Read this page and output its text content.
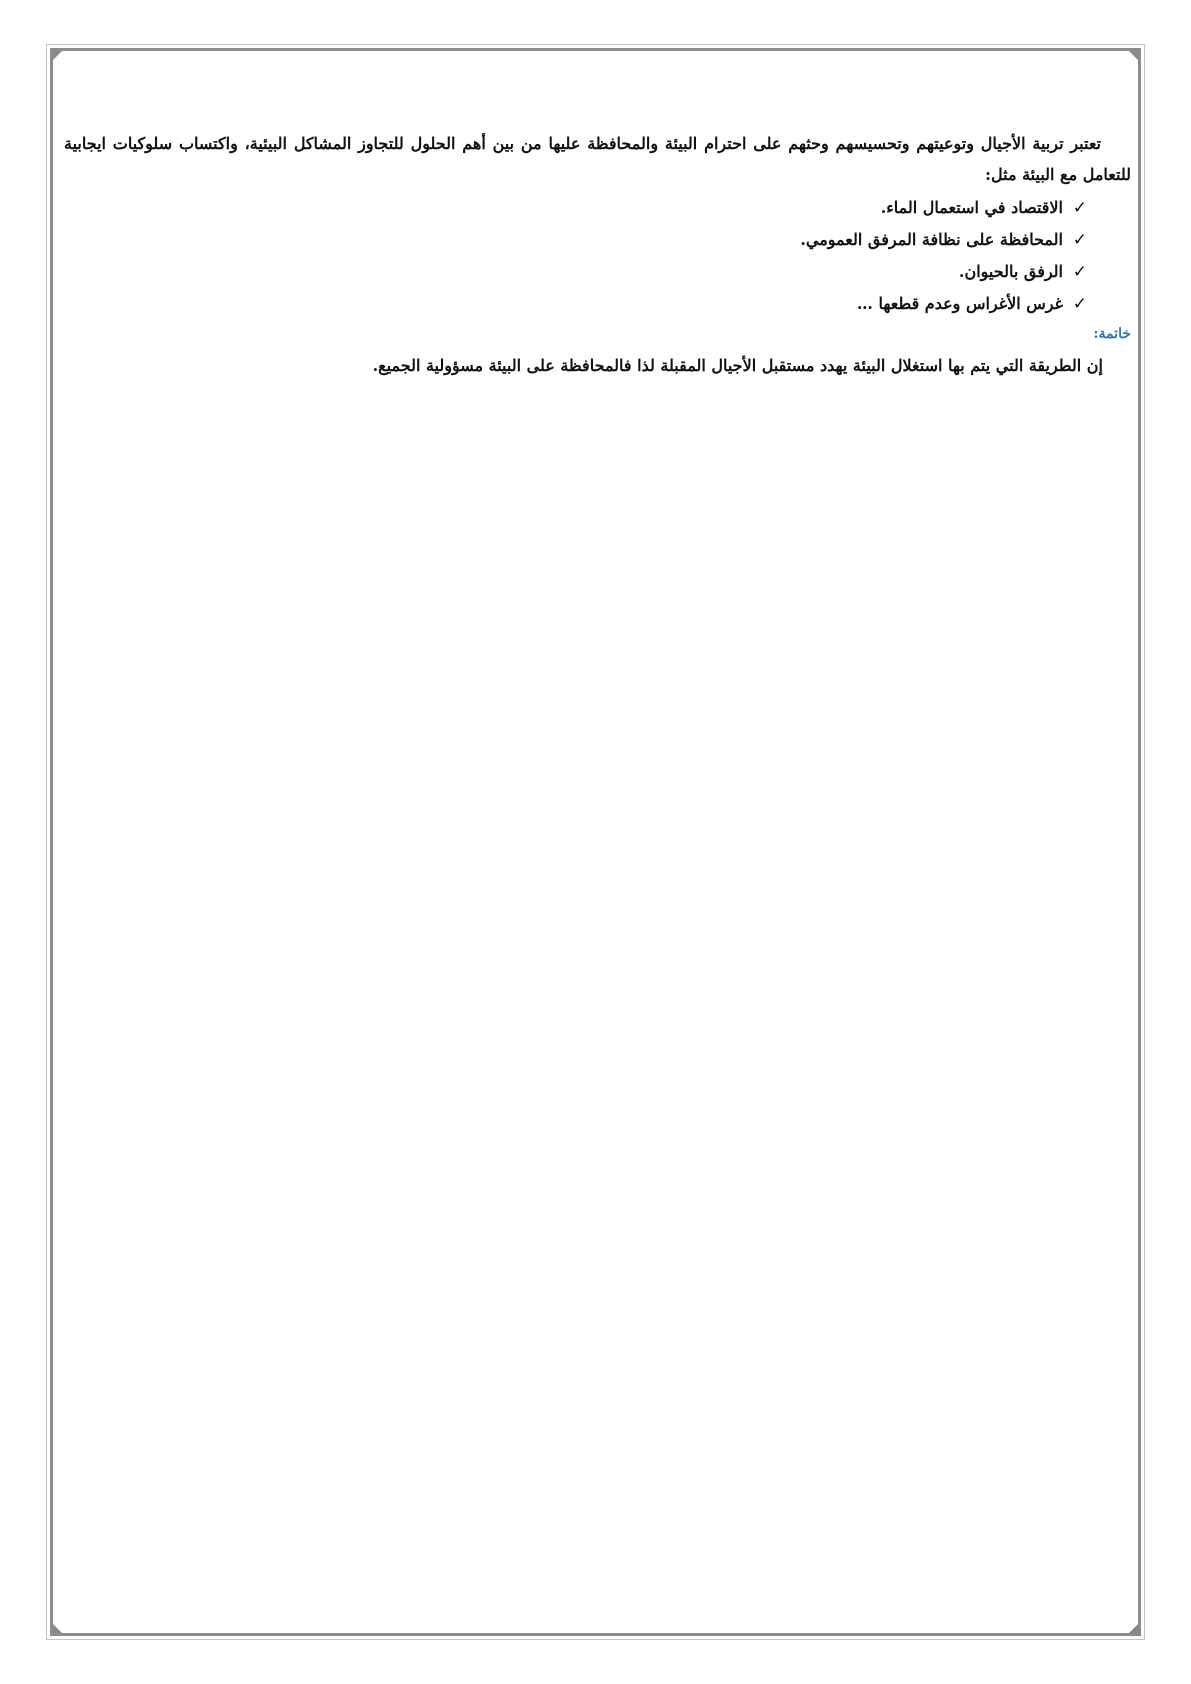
تعتبر تربية الأجيال وتوعيتهم وتحسيسهم وحثهم على احترام البيئة والمحافظة عليها من بين أهم الحلول للتجاوز المشاكل البيئية، واكتساب سلوكيات ايجابية للتعامل مع البيئة مثل:

✓
الاقتصاد في استعمال الماء.
✓
المحافظة على نظافة المرفق العمومي.
✓
الرفق بالحيوان.
✓
غرس الأغراس وعدم قطعها …
خاتمة:

إن الطريقة التي يتم بها استغلال البيئة يهدد مستقبل الأجيال المقبلة لذا فالمحافظة على البيئة مسؤولية الجميع.
